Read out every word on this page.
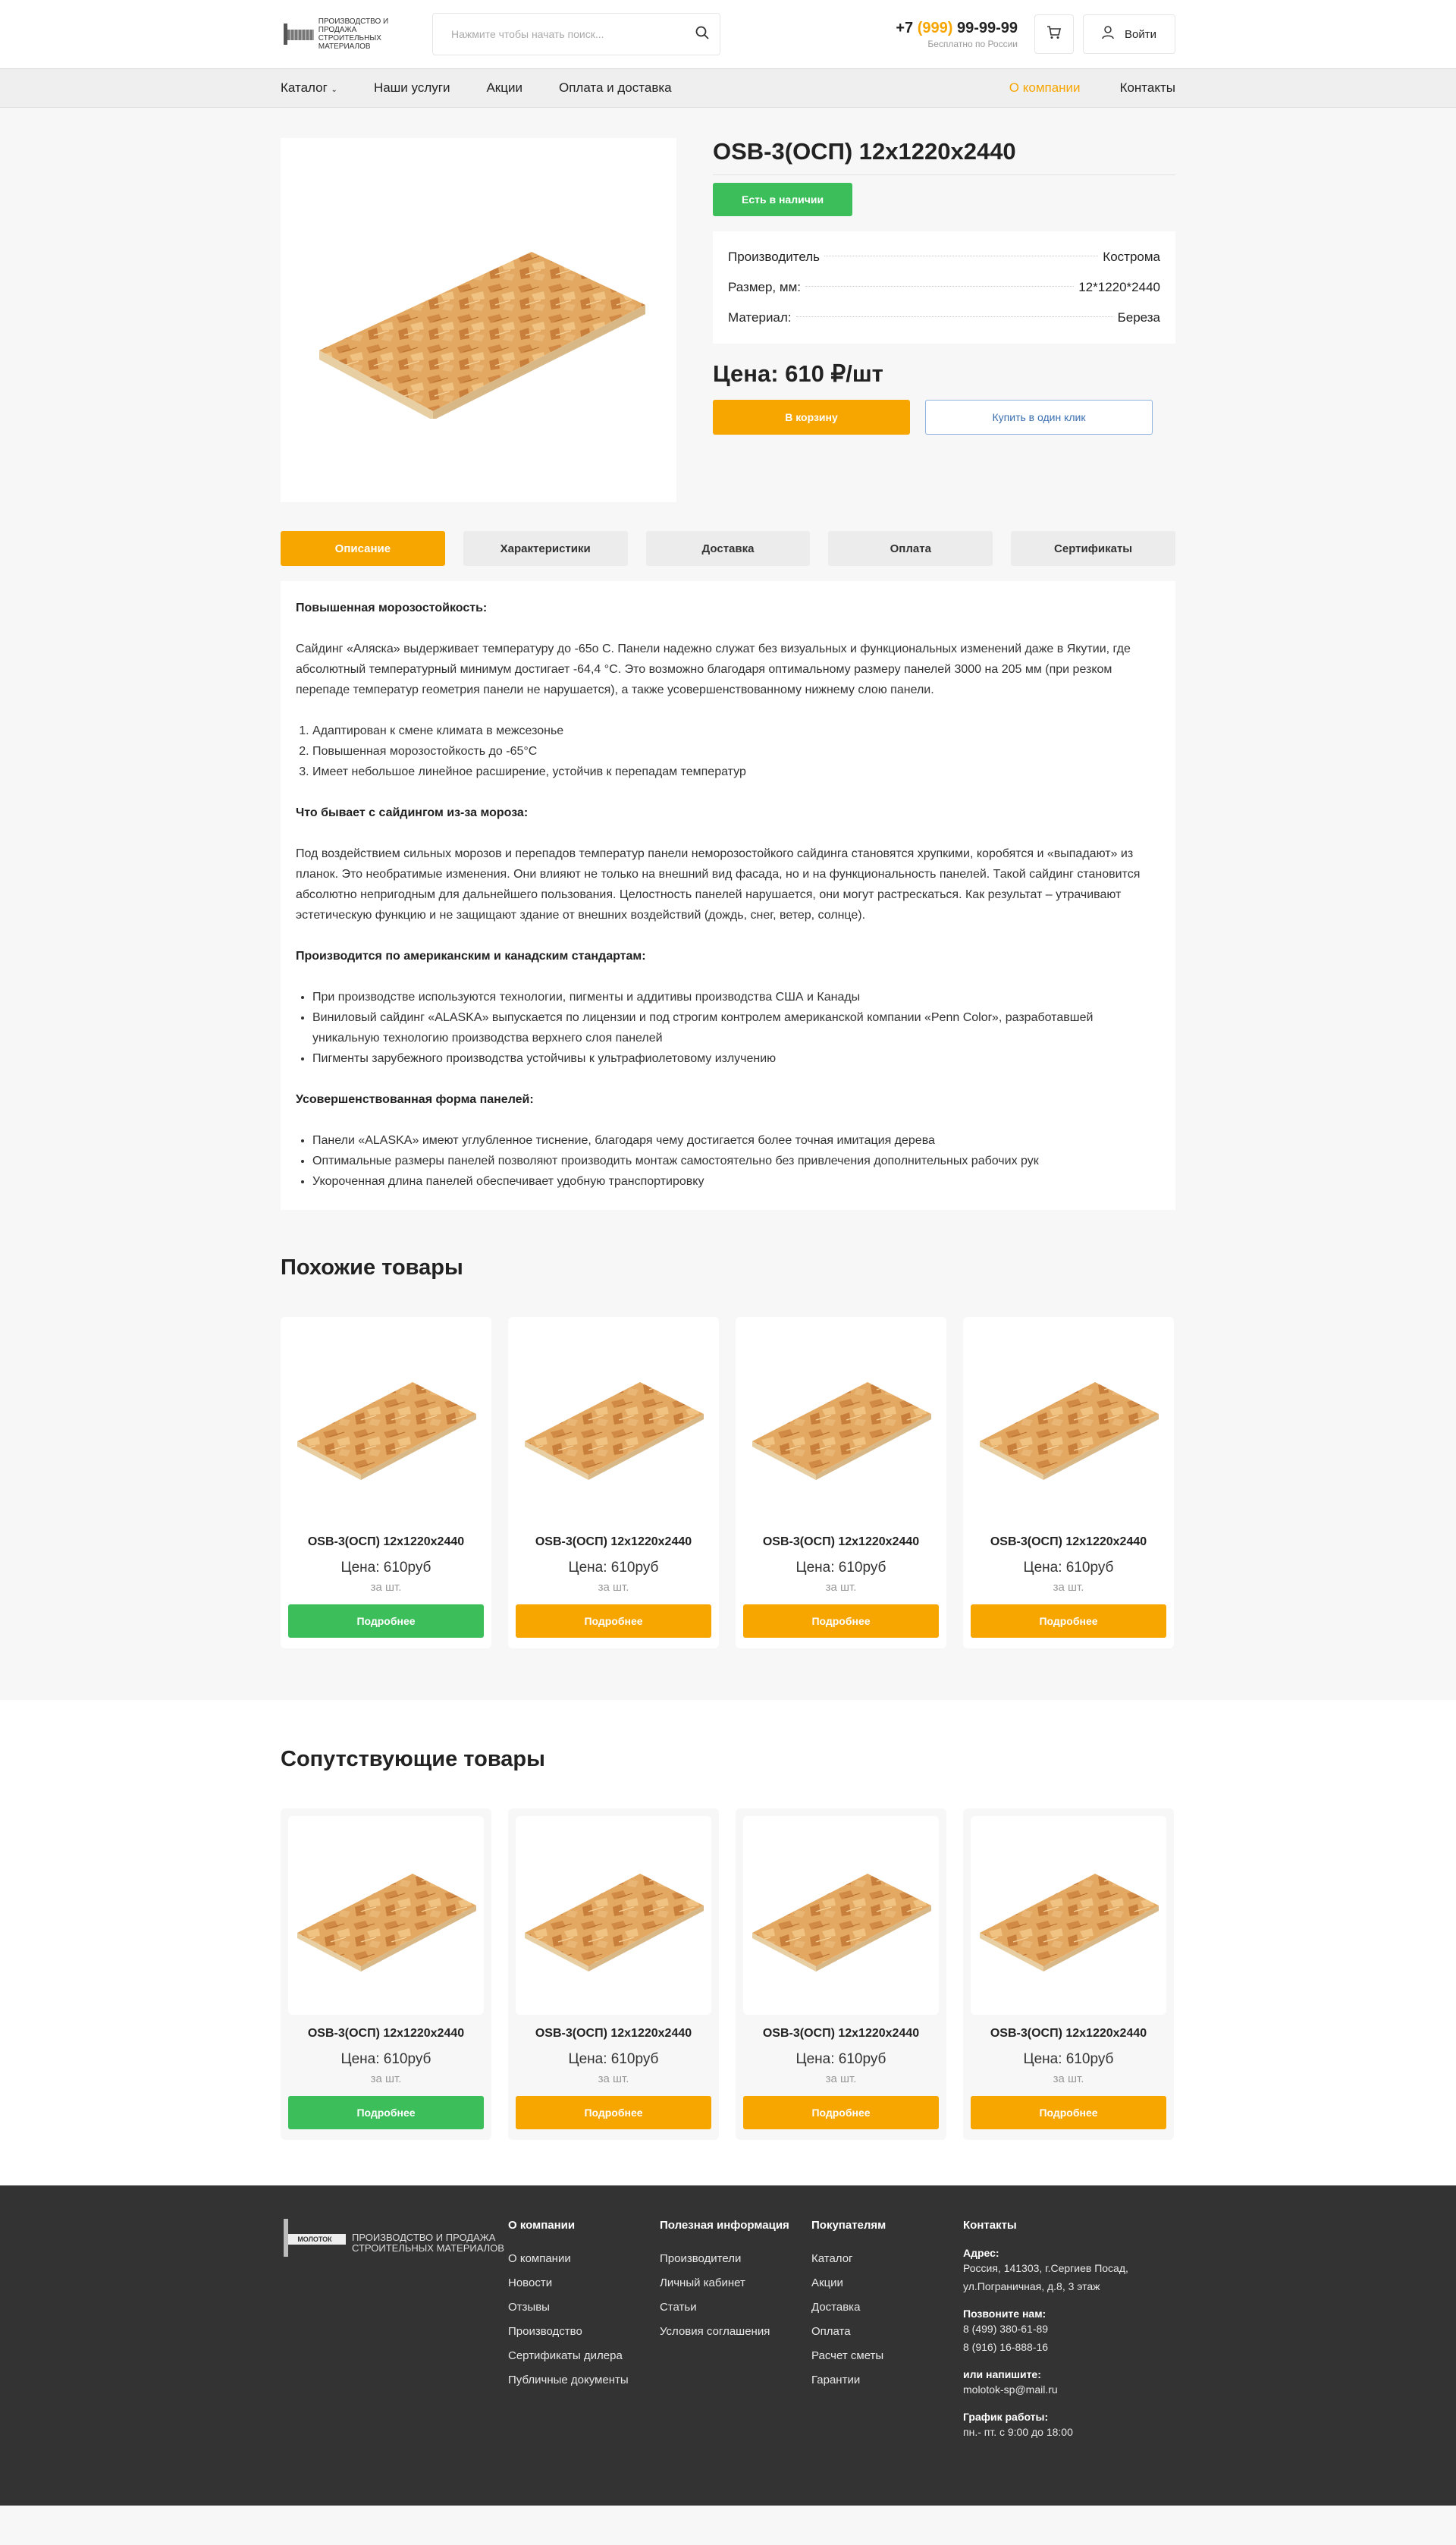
ПРОИЗВОДСТВО И ПРОДАЖА
СТРОИТЕЛЬНЫХ МАТЕРИАЛОВ
Нажмите чтобы начать поиск...
+7 (999) 99-99-99
Бесплатно по России
Войти
Каталог ⌄	Наши услуги	Акции	Оплата и доставка	О компании	Контакты
OSB-3(ОСП) 12x1220x2440
Есть в наличии
Производитель	Кострома
Размер, мм:	12*1220*2440
Материал:	Береза
Цена: 610 ₽/шт
В корзину	Купить в один клик
Описание	Характеристики	Доставка	Оплата	Сертификаты
Повышенная морозостойкость:

Сайдинг «Аляска» выдерживает температуру до -65о С. Панели надежно служат без визуальных и функциональных изменений даже в Якутии, где абсолютный температурный минимум достигает -64,4 °С. Это возможно благодаря оптимальному размеру панелей 3000 на 205 мм (при резком перепаде температур геометрия панели не нарушается), а также усовершенствованному нижнему слою панели.

1. Адаптирован к смене климата в межсезонье
2. Повышенная морозостойкость до -65°С
3. Имеет небольшое линейное расширение, устойчив к перепадам температур
Что бывает с сайдингом из-за мороза:

Под воздействием сильных морозов и перепадов температур панели неморозостойкого сайдинга становятся хрупкими, коробятся и «выпадают» из планок. Это необратимые изменения. Они влияют не только на внешний вид фасада, но и на функциональность панелей. Такой сайдинг становится абсолютно непригодным для дальнейшего пользования. Целостность панелей нарушается, они могут растрескаться. Как результат – утрачивают эстетическую функцию и не защищают здание от внешних воздействий (дождь, снег, ветер, солнце).

Производится по американским и канадским стандартам:
• При производстве используются технологии, пигменты и аддитивы производства США и Канады
• Виниловый сайдинг «ALASKA» выпускается по лицензии и под строгим контролем американской компании «Penn Color», разработавшей уникальную технологию производства верхнего слоя панелей
• Пигменты зарубежного производства устойчивы к ультрафиолетовому излучению
Усовершенствованная форма панелей:
• Панели «ALASKA» имеют углубленное тиснение, благодаря чему достигается более точная имитация дерева
• Оптимальные размеры панелей позволяют производить монтаж самостоятельно без привлечения дополнительных рабочих рук
• Укороченная длина панелей обеспечивает удобную транспортировку
Похожие товары
OSB-3(ОСП) 12x1220x2440
Цена: 610руб
за шт.
Подробнее
OSB-3(ОСП) 12x1220x2440
Цена: 610руб
за шт.
Подробнее
OSB-3(ОСП) 12x1220x2440
Цена: 610руб
за шт.
Подробнее
OSB-3(ОСП) 12x1220x2440
Цена: 610руб
за шт.
Подробнее
Сопутствующие товары
OSB-3(ОСП) 12x1220x2440
Цена: 610руб
за шт.
Подробнее
OSB-3(ОСП) 12x1220x2440
Цена: 610руб
за шт.
Подробнее
OSB-3(ОСП) 12x1220x2440
Цена: 610руб
за шт.
Подробнее
OSB-3(ОСП) 12x1220x2440
Цена: 610руб
за шт.
Подробнее
МОЛОТОК	ПРОИЗВОДСТВО И ПРОДАЖА
СТРОИТЕЛЬНЫХ МАТЕРИАЛОВ
О компании
О компании
Новости
Отзывы
Производство
Сертификаты дилера
Публичные документы
Полезная информация
Производители
Личный кабинет
Статьи
Условия соглашения
Покупателям
Каталог
Акции
Доставка
Оплата
Расчет сметы
Гарантии
Контакты
Адрес:
Россия, 141303, г.Сергиев Посад, ул.Пограничная, д.8, 3 этаж
Позвоните нам:
8 (499) 380-61-89
8 (916) 16-888-16
или напишите:
molotok-sp@mail.ru
График работы:
пн.- пт. с 9:00 до 18:00
